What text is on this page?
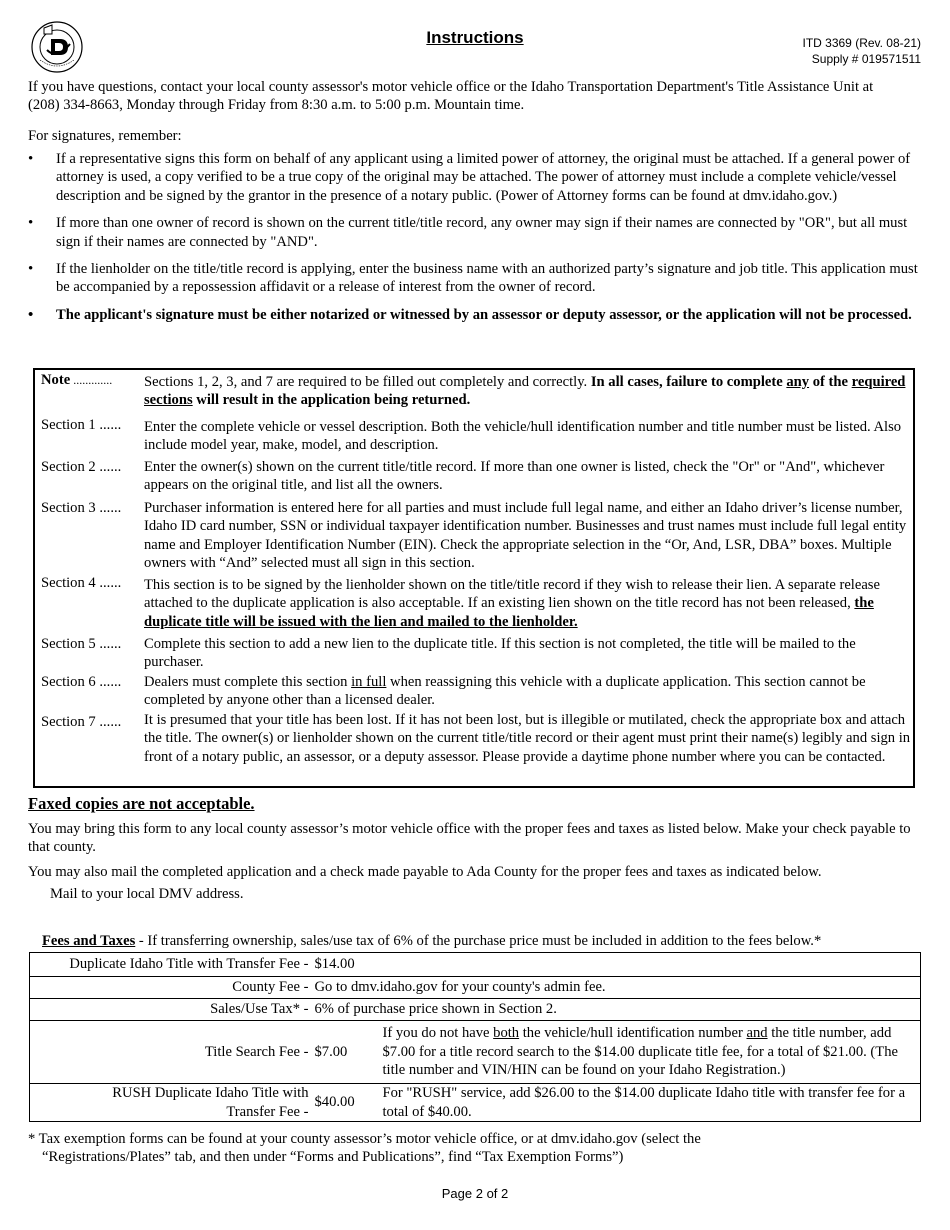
Instructions	ITD 3369 (Rev. 08-21)
Supply # 019571511

If you have questions, contact your local county assessor's motor vehicle office or the Idaho Transportation Department's Title Assistance Unit at (208) 334-8663, Monday through Friday from 8:30 a.m. to 5:00 p.m. Mountain time.

For signatures, remember:

• If a representative signs this form on behalf of any applicant using a limited power of attorney, the original must be attached. If a general power of attorney is used, a copy verified to be a true copy of the original may be attached. The power of attorney must include a complete vehicle/vessel description and be signed by the grantor in the presence of a notary public. (Power of Attorney forms can be found at dmv.idaho.gov.)
• If more than one owner of record is shown on the current title/title record, any owner may sign if their names are connected by "OR", but all must sign if their names are connected by "AND".
• If the lienholder on the title/title record is applying, enter the business name with an authorized party’s signature and job title. This application must be accompanied by a repossession affidavit or a release of interest from the owner of record.
• The applicant's signature must be either notarized or witnessed by an assessor or deputy assessor, or the application will not be processed.
Note .............	Sections 1, 2, 3, and 7 are required to be filled out completely and correctly. In all cases, failure to complete any of the required sections will result in the application being returned.
Section 1 ......	Enter the complete vehicle or vessel description. Both the vehicle/hull identification number and title number must be listed. Also include model year, make, model, and description.
Section 2 ......	Enter the owner(s) shown on the current title/title record. If more than one owner is listed, check the "Or" or "And", whichever appears on the original title, and list all the owners.
Section 3 ......	Purchaser information is entered here for all parties and must include full legal name, and either an Idaho driver’s license number, Idaho ID card number, SSN or individual taxpayer identification number. Businesses and trust names must include full legal entity name and Employer Identification Number (EIN). Check the appropriate selection in the “Or, And, LSR, DBA” boxes. Multiple owners with “And” selected must all sign in this section.
Section 4 ......	This section is to be signed by the lienholder shown on the title/title record if they wish to release their lien. A separate release attached to the duplicate application is also acceptable. If an existing lien shown on the title record has not been released, the duplicate title will be issued with the lien and mailed to the lienholder.
Section 5 ......	Complete this section to add a new lien to the duplicate title. If this section is not completed, the title will be mailed to the purchaser.
Section 6 ......	Dealers must complete this section in full when reassigning this vehicle with a duplicate application. This section cannot be completed by anyone other than a licensed dealer.
Section 7 ......	It is presumed that your title has been lost. If it has not been lost, but is illegible or mutilated, check the appropriate box and attach the title. The owner(s) or lienholder shown on the current title/title record or their agent must print their name(s) legibly and sign in front of a notary public, an assessor, or a deputy assessor. Please provide a daytime phone number where you can be contacted.
Faxed copies are not acceptable.

You may bring this form to any local county assessor’s motor vehicle office with the proper fees and taxes as listed below. Make your check payable to that county.

You may also mail the completed application and a check made payable to Ada County for the proper fees and taxes as indicated below.

Mail to your local DMV address.

Fees and Taxes - If transferring ownership, sales/use tax of 6% of the purchase price must be included in addition to the fees below.*
Duplicate Idaho Title with Transfer Fee -	$14.00	
County Fee -	Go to dmv.idaho.gov for your county's admin fee.	
Sales/Use Tax* -	6% of purchase price shown in Section 2.	
Title Search Fee -	$7.00	If you do not have both the vehicle/hull identification number and the title number, add $7.00 for a title record search to the $14.00 duplicate title fee, for a total of $21.00. (The title number and VIN/HIN can be found on your Idaho Registration.)

RUSH Duplicate Idaho Title with
Transfer Fee -	$40.00	For "RUSH" service, add $26.00 to the $14.00 duplicate Idaho title with transfer fee for a total of $40.00.
* Tax exemption forms can be found at your county assessor’s motor vehicle office, or at dmv.idaho.gov (select the
“Registrations/Plates” tab, and then under “Forms and Publications”, find “Tax Exemption Forms”)
Page 2 of 2
